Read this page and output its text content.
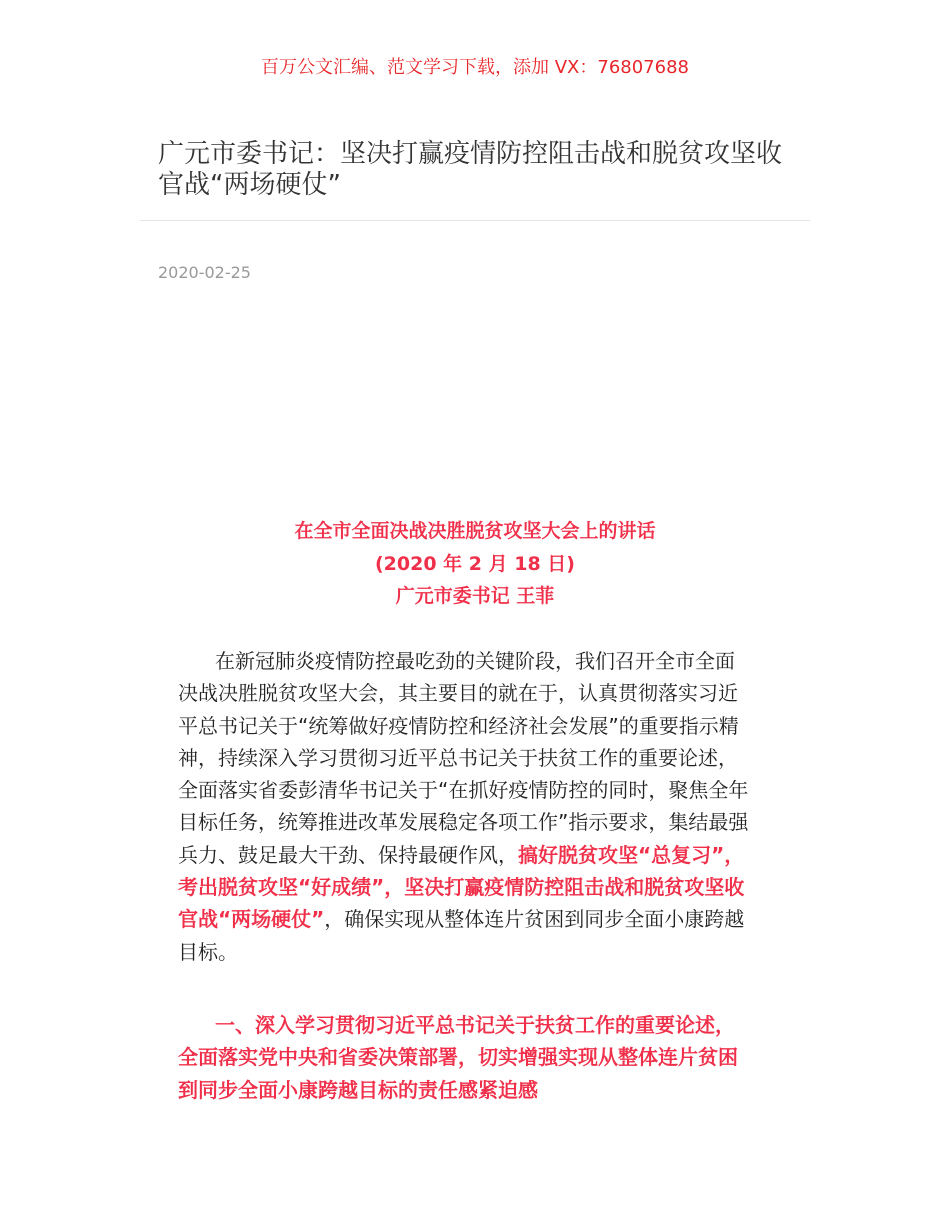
百万公文汇编、范文学习下载，添加 VX：76807688
广元市委书记：坚决打赢疫情防控阻击战和脱贫攻坚收
官战“两场硬仗”
2020-02-25
在全市全面决战决胜脱贫攻坚大会上的讲话
(2020 年 2 月 18 日)
广元市委书记 王菲
在新冠肺炎疫情防控最吃劲的关键阶段，我们召开全市全面
决战决胜脱贫攻坚大会，其主要目的就在于，认真贯彻落实习近
平总书记关于“统筹做好疫情防控和经济社会发展”的重要指示精
神，持续深入学习贯彻习近平总书记关于扶贫工作的重要论述，
全面落实省委彭清华书记关于“在抓好疫情防控的同时，聚焦全年
目标任务，统筹推进改革发展稳定各项工作”指示要求，集结最强
兵力、鼓足最大干劲、保持最硬作风，搞好脱贫攻坚“总复习”，
考出脱贫攻坚“好成绩”，坚决打赢疫情防控阻击战和脱贫攻坚收
官战“两场硬仗”，确保实现从整体连片贫困到同步全面小康跨越
目标。
一、深入学习贯彻习近平总书记关于扶贫工作的重要论述，
全面落实党中央和省委决策部署，切实增强实现从整体连片贫困
到同步全面小康跨越目标的责任感紧迫感
